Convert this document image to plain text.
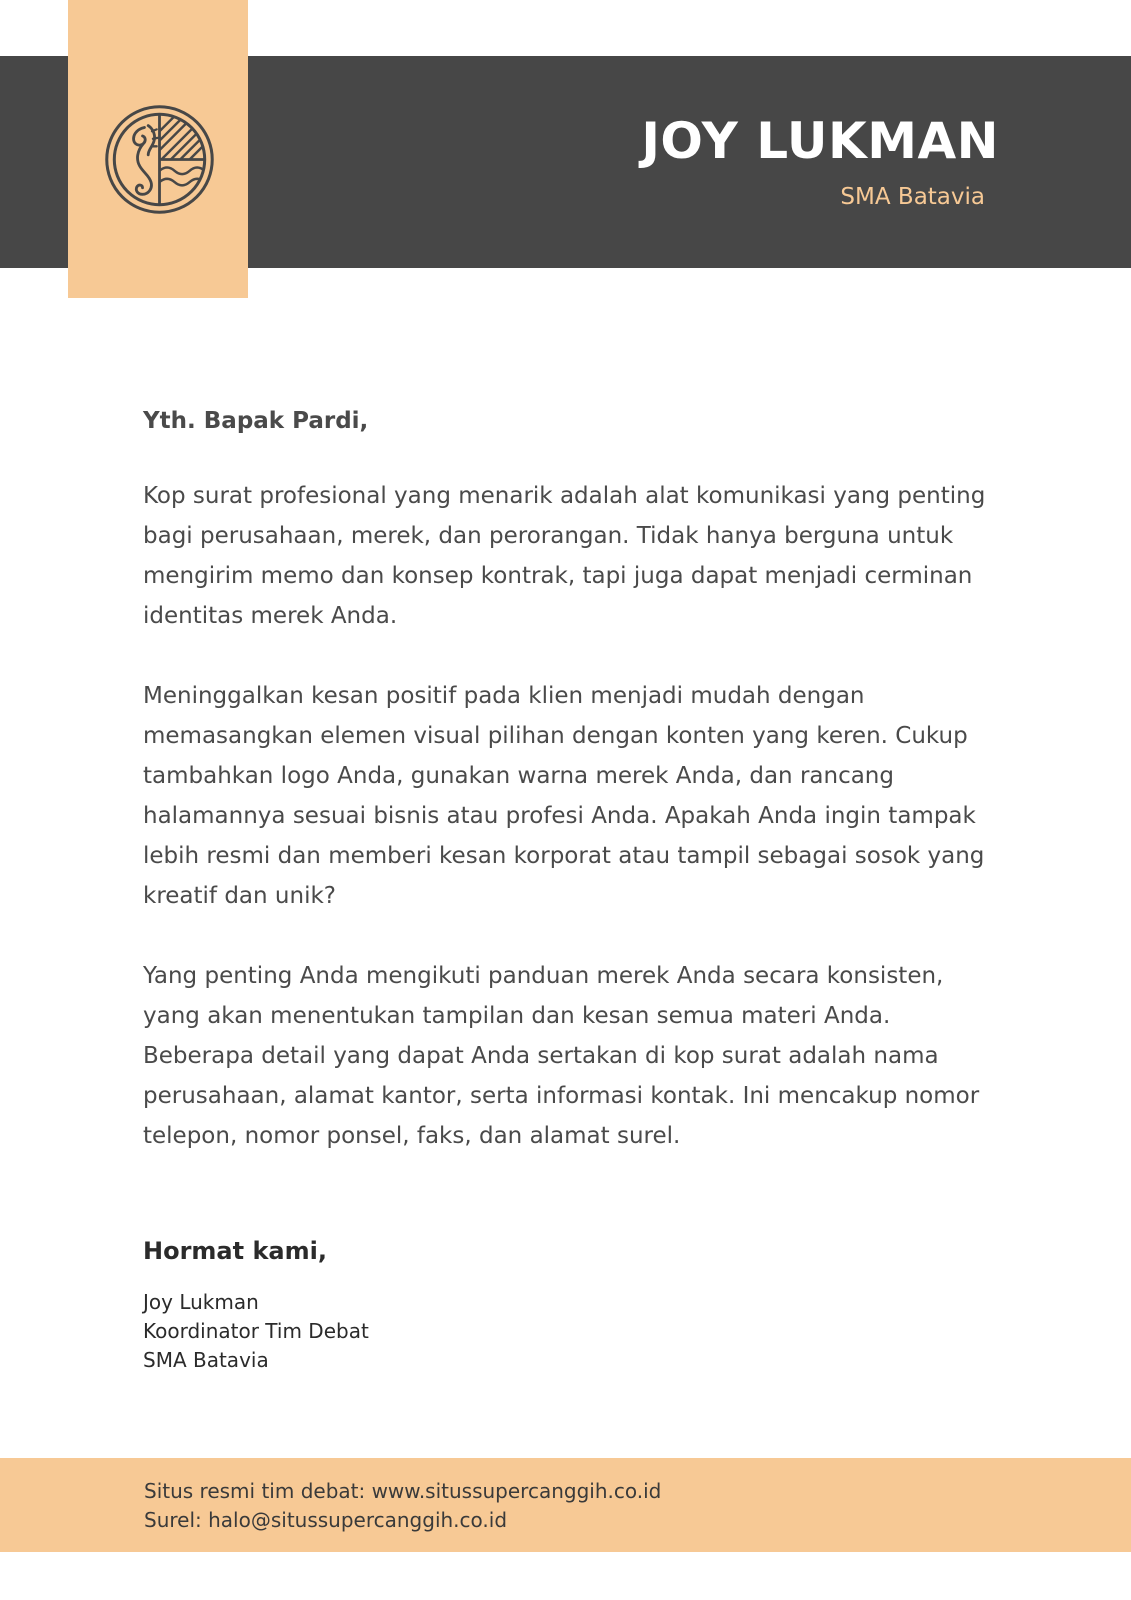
JOY LUKMAN
SMA Batavia

Yth. Bapak Pardi,

Kop surat profesional yang menarik adalah alat komunikasi yang penting bagi perusahaan, merek, dan perorangan. Tidak hanya berguna untuk mengirim memo dan konsep kontrak, tapi juga dapat menjadi cerminan identitas merek Anda.

Meninggalkan kesan positif pada klien menjadi mudah dengan memasangkan elemen visual pilihan dengan konten yang keren. Cukup tambahkan logo Anda, gunakan warna merek Anda, dan rancang halamannya sesuai bisnis atau profesi Anda. Apakah Anda ingin tampak lebih resmi dan memberi kesan korporat atau tampil sebagai sosok yang kreatif dan unik?

Yang penting Anda mengikuti panduan merek Anda secara konsisten, yang akan menentukan tampilan dan kesan semua materi Anda. Beberapa detail yang dapat Anda sertakan di kop surat adalah nama perusahaan, alamat kantor, serta informasi kontak. Ini mencakup nomor telepon, nomor ponsel, faks, dan alamat surel.

Hormat kami,
Joy Lukman
Koordinator Tim Debat
SMA Batavia
Situs resmi tim debat: www.situssupercanggih.co.id
Surel: halo@situssupercanggih.co.id
